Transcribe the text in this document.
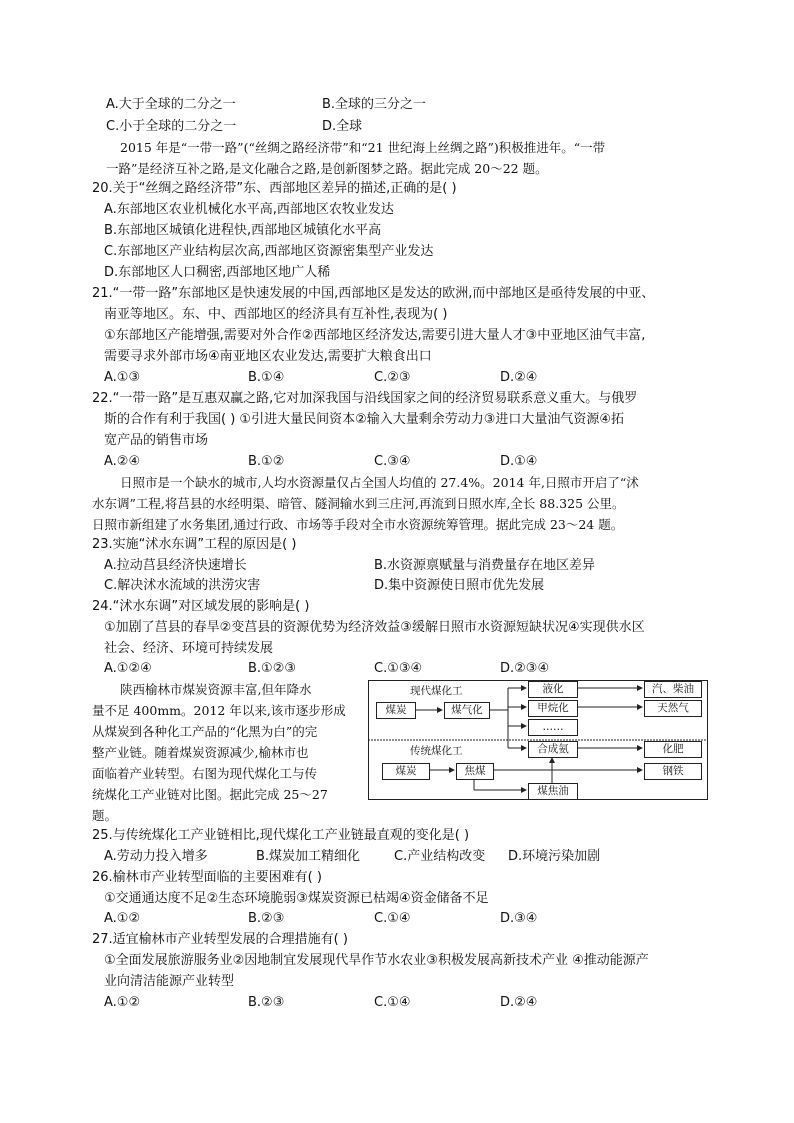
A.大于全球的二分之一	B.全球的三分之一
C.小于全球的二分之一	D.全球
2015 年是“一带一路”(“丝绸之路经济带”和“21 世纪海上丝绸之路”)积极推进年。“一带
一路”是经济互补之路,是文化融合之路,是创新图梦之路。据此完成 20～22 题。
20.关于“丝绸之路经济带”东、西部地区差异的描述,正确的是( )
A.东部地区农业机械化水平高,西部地区农牧业发达
B.东部地区城镇化进程快,西部地区城镇化水平高
C.东部地区产业结构层次高,西部地区资源密集型产业发达
D.东部地区人口稠密,西部地区地广人稀
21.“一带一路”东部地区是快速发展的中国,西部地区是发达的欧洲,而中部地区是亟待发展的中亚、
南亚等地区。东、中、西部地区的经济具有互补性,表现为( )
①东部地区产能增强,需要对外合作②西部地区经济发达,需要引进大量人才③中亚地区油气丰富,
需要寻求外部市场④南亚地区农业发达,需要扩大粮食出口
A.①③	B.①④	C.②③	D.②④
22.“一带一路”是互惠双赢之路,它对加深我国与沿线国家之间的经济贸易联系意义重大。与俄罗
斯的合作有利于我国( ) ①引进大量民间资本②输入大量剩余劳动力③进口大量油气资源④拓
宽产品的销售市场
A.②④	B.①②	C.③④	D.①④
日照市是一个缺水的城市,人均水资源量仅占全国人均值的 27.4%。2014 年,日照市开启了“沭
水东调”工程,将莒县的水经明渠、暗管、隧洞输水到三庄河,再流到日照水库,全长 88.325 公里。
日照市新组建了水务集团,通过行政、市场等手段对全市水资源统筹管理。据此完成 23～24 题。
23.实施“沭水东调”工程的原因是( )
A.拉动莒县经济快速增长	B.水资源禀赋量与消费量存在地区差异
C.解决沭水流域的洪涝灾害	D.集中资源使日照市优先发展
24.“沭水东调”对区域发展的影响是( )
①加剧了莒县的春旱②变莒县的资源优势为经济效益③缓解日照市水资源短缺状况④实现供水区
社会、经济、环境可持续发展
A.①②④	B.①②③	C.①③④	D.②③④
陕西榆林市煤炭资源丰富,但年降水
量不足 400mm。2012 年以来,该市逐步形成
从煤炭到各种化工产品的“化黑为白”的完
整产业链。随着煤炭资源减少,榆林市也
面临着产业转型。右图为现代煤化工与传
统煤化工产业链对比图。据此完成 25～27
题。
现代煤化工
煤炭	煤气化
液化
甲烷化
……
汽、柴油
天然气
传统煤化工	合成氨	化肥
煤炭	焦煤	钢铁
煤焦油
25.与传统煤化工产业链相比,现代煤化工产业链最直观的变化是( )
A.劳动力投入增多	B.煤炭加工精细化	C.产业结构改变 D.环境污染加剧
26.榆林市产业转型面临的主要困难有( )
①交通通达度不足②生态环境脆弱③煤炭资源已枯竭④资金储备不足
A.①②	B.②③	C.①④	D.③④
27.适宜榆林市产业转型发展的合理措施有( )
①全面发展旅游服务业②因地制宜发展现代旱作节水农业③积极发展高新技术产业 ④推动能源产
业向清洁能源产业转型
A.①②	B.②③	C.①④	D.②④
